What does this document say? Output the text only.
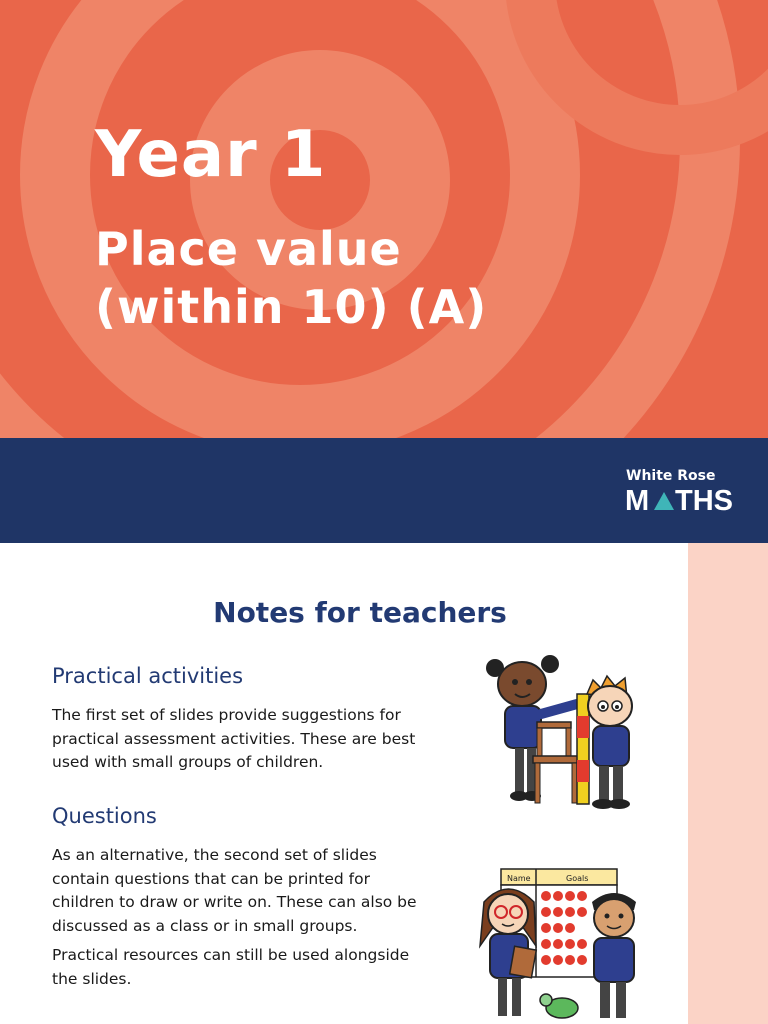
Year 1
Place value
(within 10) (A)
White Rose
M THS
Notes for teachers
Practical activities
The first set of slides provide suggestions for practical assessment activities. These are best used with small groups of children.
Questions
As an alternative, the second set of slides contain questions that can be printed for children to draw or write on. These can also be discussed as a class or in small groups.
Practical resources can still be used alongside the slides.
Name	Goals
